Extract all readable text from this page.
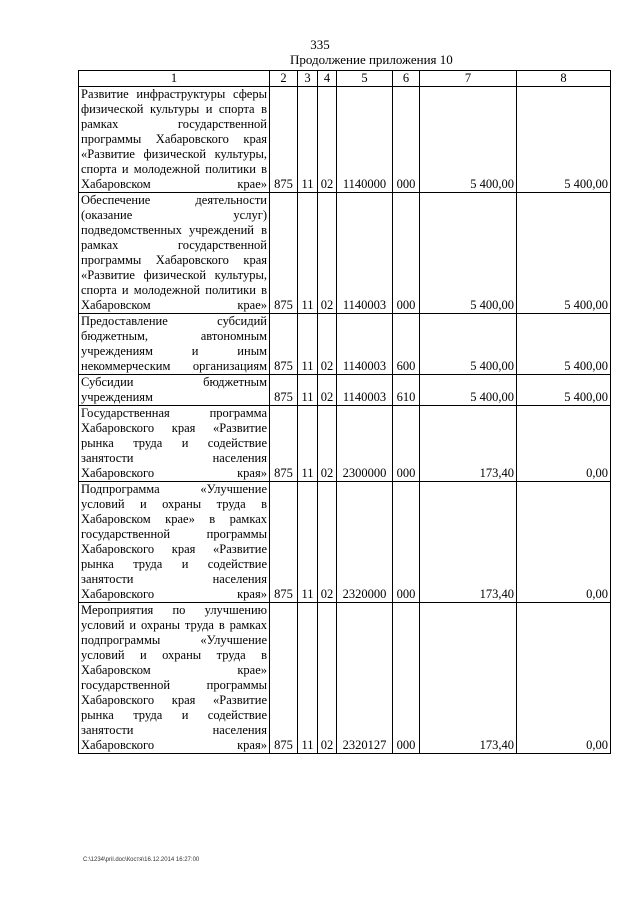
335
Продолжение приложения 10
1	2	3	4	5	6	7	8
Развитие инфраструктуры сферы физической культуры и спорта в рамках государственной программы Хабаровского края «Развитие физической культуры, спорта и молодежной политики в Хабаровском крае»	875	11	02	1140000	000	5 400,00	5 400,00
Обеспечение деятельности (оказание услуг) подведомственных учреждений в рамках государственной программы Хабаровского края «Развитие физической культуры, спорта и молодежной политики в Хабаровском крае»	875	11	02	1140003	000	5 400,00	5 400,00
Предоставление субсидий бюджетным, автономным учреждениям и иным некоммерческим организациям	875	11	02	1140003	600	5 400,00	5 400,00
Субсидии бюджетным учреждениям	875	11	02	1140003	610	5 400,00	5 400,00
Государственная программа Хабаровского края «Развитие рынка труда и содействие занятости населения Хабаровского края»	875	11	02	2300000	000	173,40	0,00
Подпрограмма «Улучшение условий и охраны труда в Хабаровском крае» в рамках государственной программы Хабаровского края «Развитие рынка труда и содействие занятости населения Хабаровского края»	875	11	02	2320000	000	173,40	0,00
Мероприятия по улучшению условий и охраны труда в рамках подпрограммы «Улучшение условий и охраны труда в Хабаровском крае» государственной программы Хабаровского края «Развитие рынка труда и содействие занятости населения Хабаровского края»	875	11	02	2320127	000	173,40	0,00
C:\1234\pril.doc\Костя\16.12.2014 16:27:00
